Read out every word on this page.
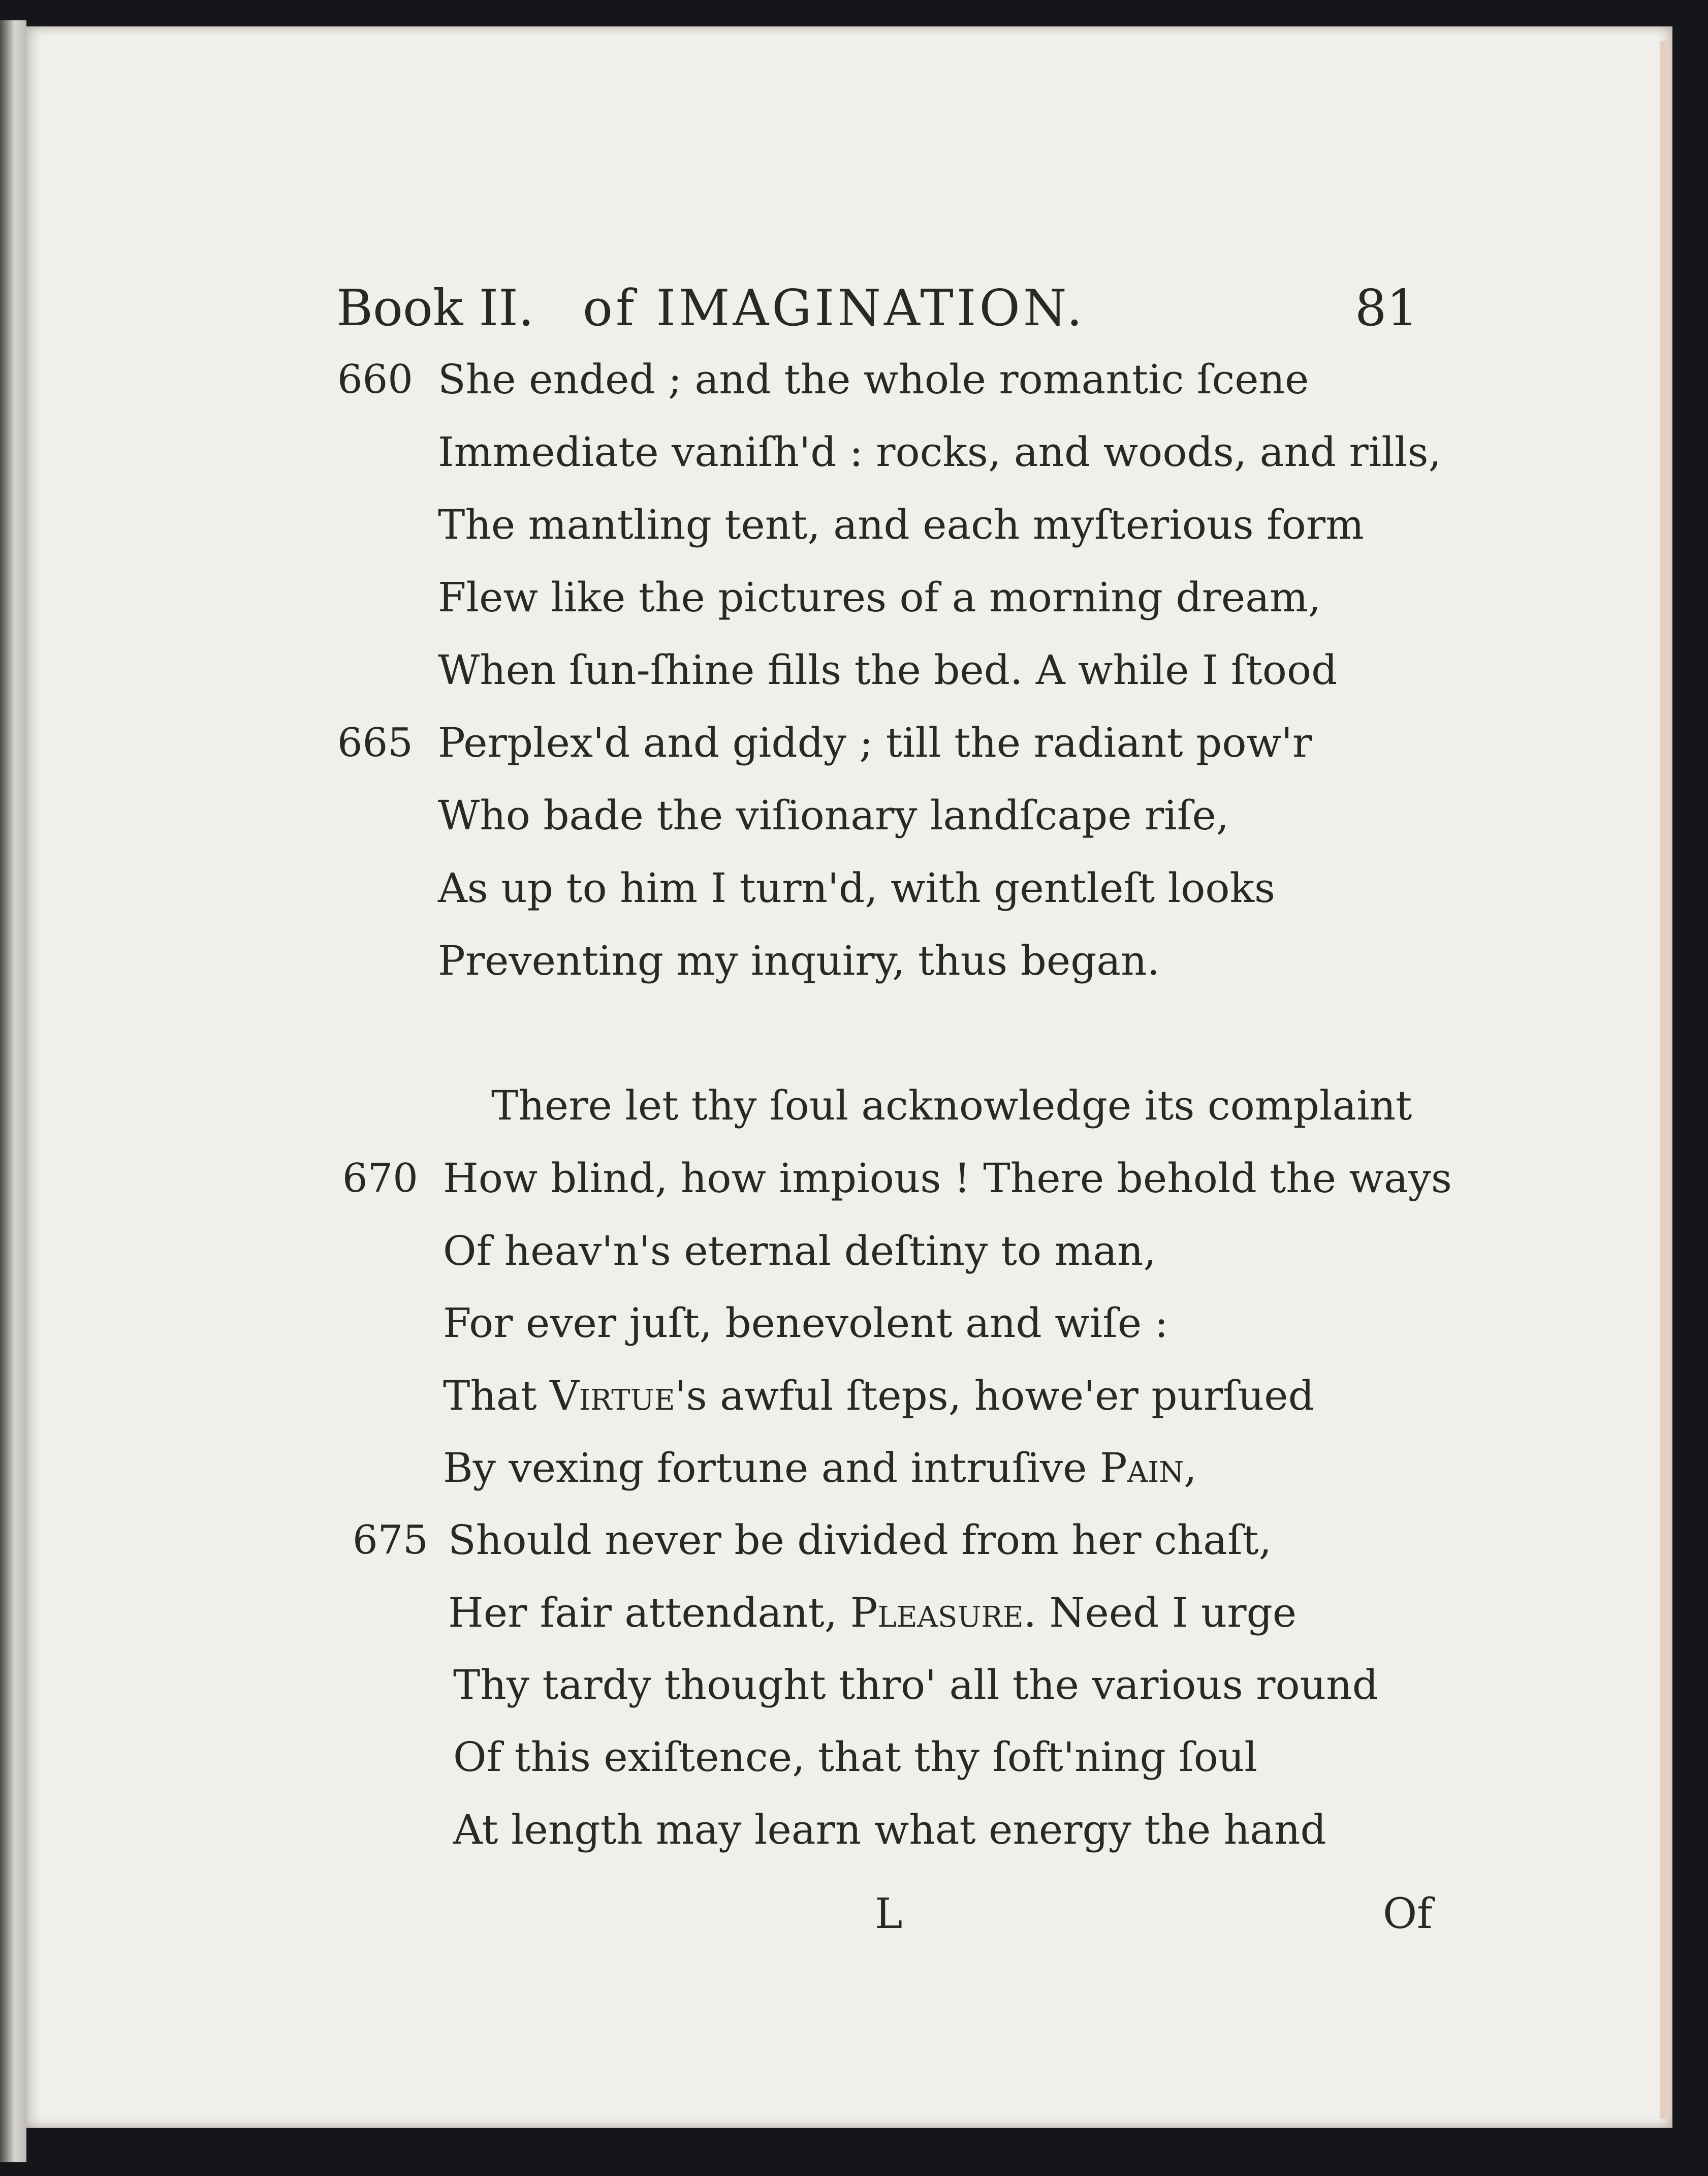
Book II. of IMAGINATION.	81
660
665
670
675
She ended ; and the whole romantic ſcene
Immediate vaniſh'd : rocks, and woods, and rills,
The mantling tent, and each myſterious form
Flew like the pictures of a morning dream,
When ſun-ſhine fills the bed. A while I ſtood
Perplex'd and giddy ; till the radiant pow'r
Who bade the viſionary landſcape riſe,
As up to him I turn'd, with gentleſt looks
Preventing my inquiry, thus began.
There let thy ſoul acknowledge its complaint
How blind, how impious ! There behold the ways
Of heav'n's eternal deſtiny to man,
For ever juſt, benevolent and wiſe :
That Virtue's awful ſteps, howe'er purſued
By vexing fortune and intruſive Pain,
Should never be divided from her chaſt,
Her fair attendant, Pleasure. Need I urge
Thy tardy thought thro' all the various round
Of this exiſtence, that thy ſoft'ning ſoul
At length may learn what energy the hand
L	Of
